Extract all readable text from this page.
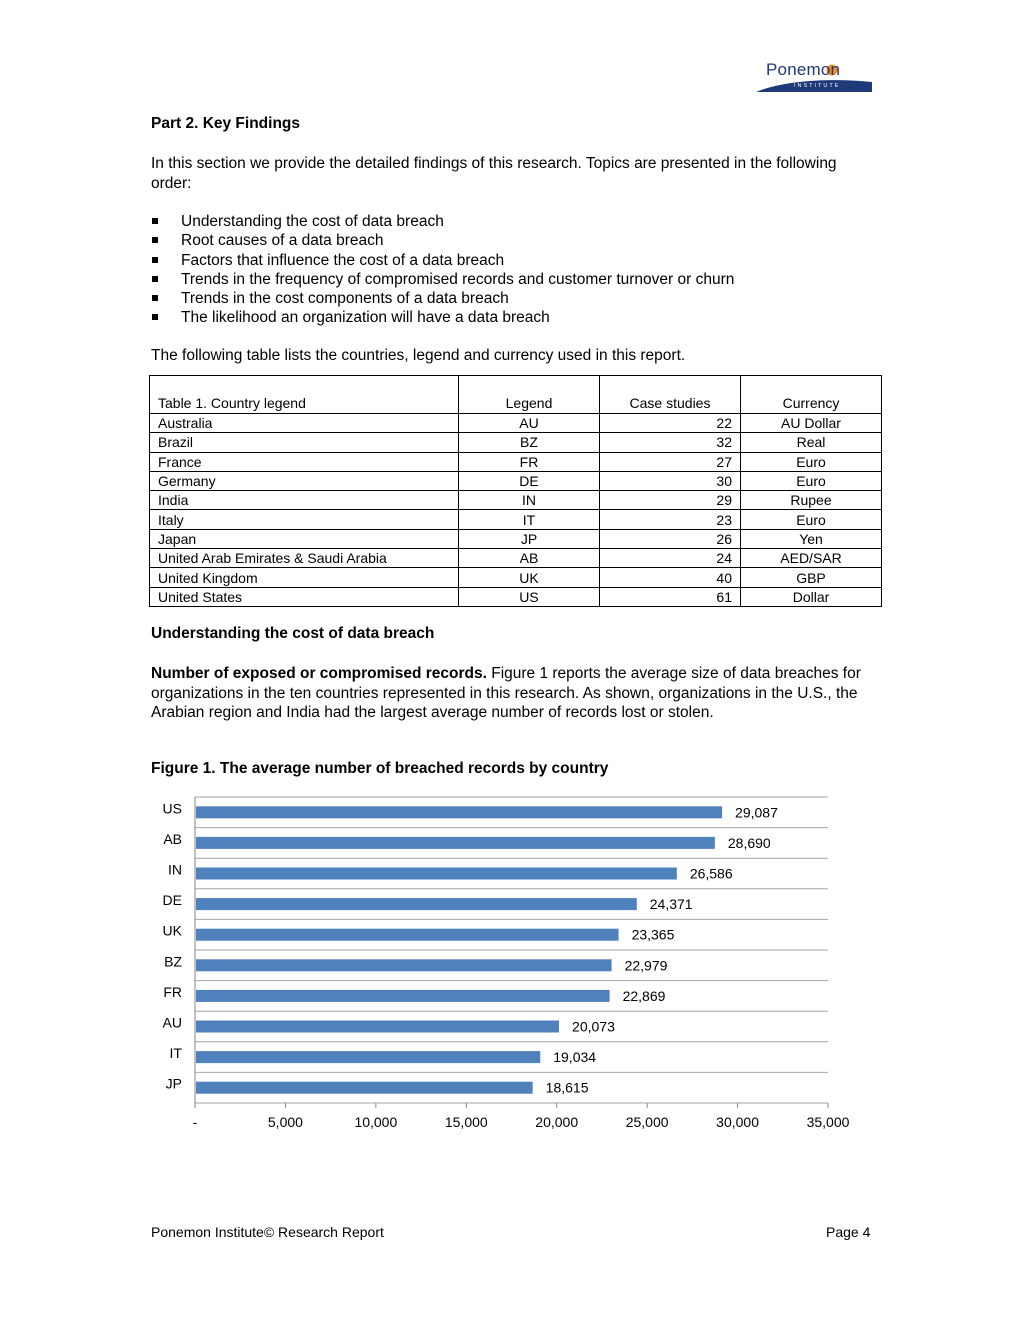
Ponemon
INSTITUTE
Part 2. Key Findings
In this section we provide the detailed findings of this research. Topics are presented in the following order:
Understanding the cost of data breach
Root causes of a data breach
Factors that influence the cost of a data breach
Trends in the frequency of compromised records and customer turnover or churn
Trends in the cost components of a data breach
The likelihood an organization will have a data breach
The following table lists the countries, legend and currency used in this report.
Table 1. Country legend	Legend	Case studies	Currency
Australia	AU	22	AU Dollar
Brazil	BZ	32	Real
France	FR	27	Euro
Germany	DE	30	Euro
India	IN	29	Rupee
Italy	IT	23	Euro
Japan	JP	26	Yen
United Arab Emirates & Saudi Arabia	AB	24	AED/SAR
United Kingdom	UK	40	GBP
United States	US	61	Dollar
Understanding the cost of data breach
Number of exposed or compromised records. Figure 1 reports the average size of data breaches for organizations in the ten countries represented in this research. As shown, organizations in the U.S., the Arabian region and India had the largest average number of records lost or stolen.
Figure 1. The average number of breached records by country
-	5,000	10,000	15,000	20,000	25,000	30,000	35,000
US	29,087
AB	28,690
IN	26,586
DE	24,371
UK	23,365
BZ	22,979
FR	22,869
AU	20,073
IT	19,034
JP	18,615
Ponemon Institute© Research Report	Page 4
